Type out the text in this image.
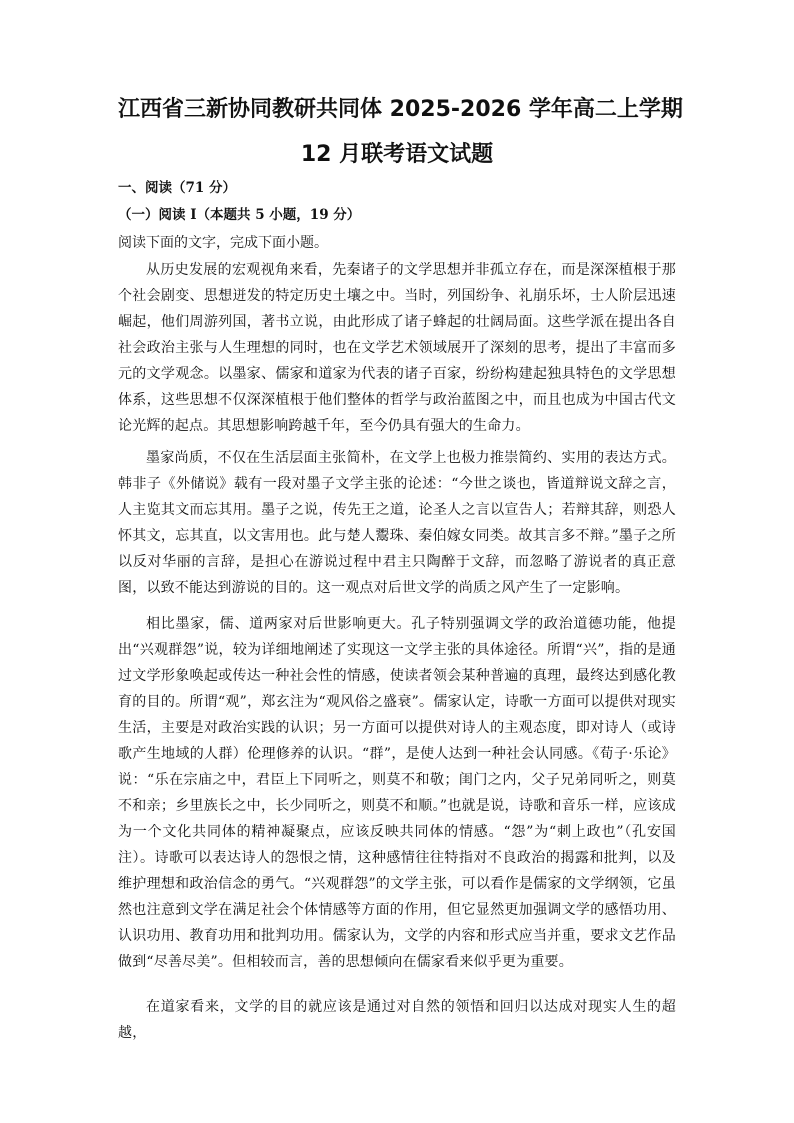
江西省三新协同教研共同体 2025-2026 学年高二上学期
12 月联考语文试题
一、阅读（71 分）
（一）阅读 I（本题共 5 小题，19 分）
阅读下面的文字，完成下面小题。

从历史发展的宏观视角来看，先秦诸子的文学思想并非孤立存在，而是深深植根于那个社会剧变、思想迸发的特定历史土壤之中。当时，列国纷争、礼崩乐坏，士人阶层迅速崛起，他们周游列国，著书立说，由此形成了诸子蜂起的壮阔局面。这些学派在提出各自社会政治主张与人生理想的同时，也在文学艺术领域展开了深刻的思考，提出了丰富而多元的文学观念。以墨家、儒家和道家为代表的诸子百家，纷纷构建起独具特色的文学思想体系，这些思想不仅深深植根于他们整体的哲学与政治蓝图之中，而且也成为中国古代文论光辉的起点。其思想影响跨越千年，至今仍具有强大的生命力。

墨家尚质，不仅在生活层面主张简朴，在文学上也极力推崇简约、实用的表达方式。韩非子《外储说》载有一段对墨子文学主张的论述：“今世之谈也，皆道辩说文辞之言，人主览其文而忘其用。墨子之说，传先王之道，论圣人之言以宣告人；若辩其辞，则恐人怀其文，忘其直，以文害用也。此与楚人鬻珠、秦伯嫁女同类。故其言多不辩。”墨子之所以反对华丽的言辞，是担心在游说过程中君主只陶醉于文辞，而忽略了游说者的真正意图，以致不能达到游说的目的。这一观点对后世文学的尚质之风产生了一定影响。

相比墨家，儒、道两家对后世影响更大。孔子特别强调文学的政治道德功能，他提出“兴观群怨”说，较为详细地阐述了实现这一文学主张的具体途径。所谓“兴”，指的是通过文学形象唤起或传达一种社会性的情感，使读者领会某种普遍的真理，最终达到感化教育的目的。所谓“观”，郑玄注为“观风俗之盛衰”。儒家认定，诗歌一方面可以提供对现实生活，主要是对政治实践的认识；另一方面可以提供对诗人的主观态度，即对诗人（或诗歌产生地域的人群）伦理修养的认识。“群”，是使人达到一种社会认同感。《荀子·乐论》说：“乐在宗庙之中，君臣上下同听之，则莫不和敬；闺门之内，父子兄弟同听之，则莫不和亲；乡里族长之中，长少同听之，则莫不和顺。”也就是说，诗歌和音乐一样，应该成为一个文化共同体的精神凝聚点，应该反映共同体的情感。“怨”为“刺上政也”（孔安国注）。诗歌可以表达诗人的怨恨之情，这种感情往往特指对不良政治的揭露和批判，以及维护理想和政治信念的勇气。“兴观群怨”的文学主张，可以看作是儒家的文学纲领，它虽然也注意到文学在满足社会个体情感等方面的作用，但它显然更加强调文学的感悟功用、认识功用、教育功用和批判功用。儒家认为，文学的内容和形式应当并重，要求文艺作品做到“尽善尽美”。但相较而言，善的思想倾向在儒家看来似乎更为重要。

在道家看来，文学的目的就应该是通过对自然的领悟和回归以达成对现实人生的超越，
